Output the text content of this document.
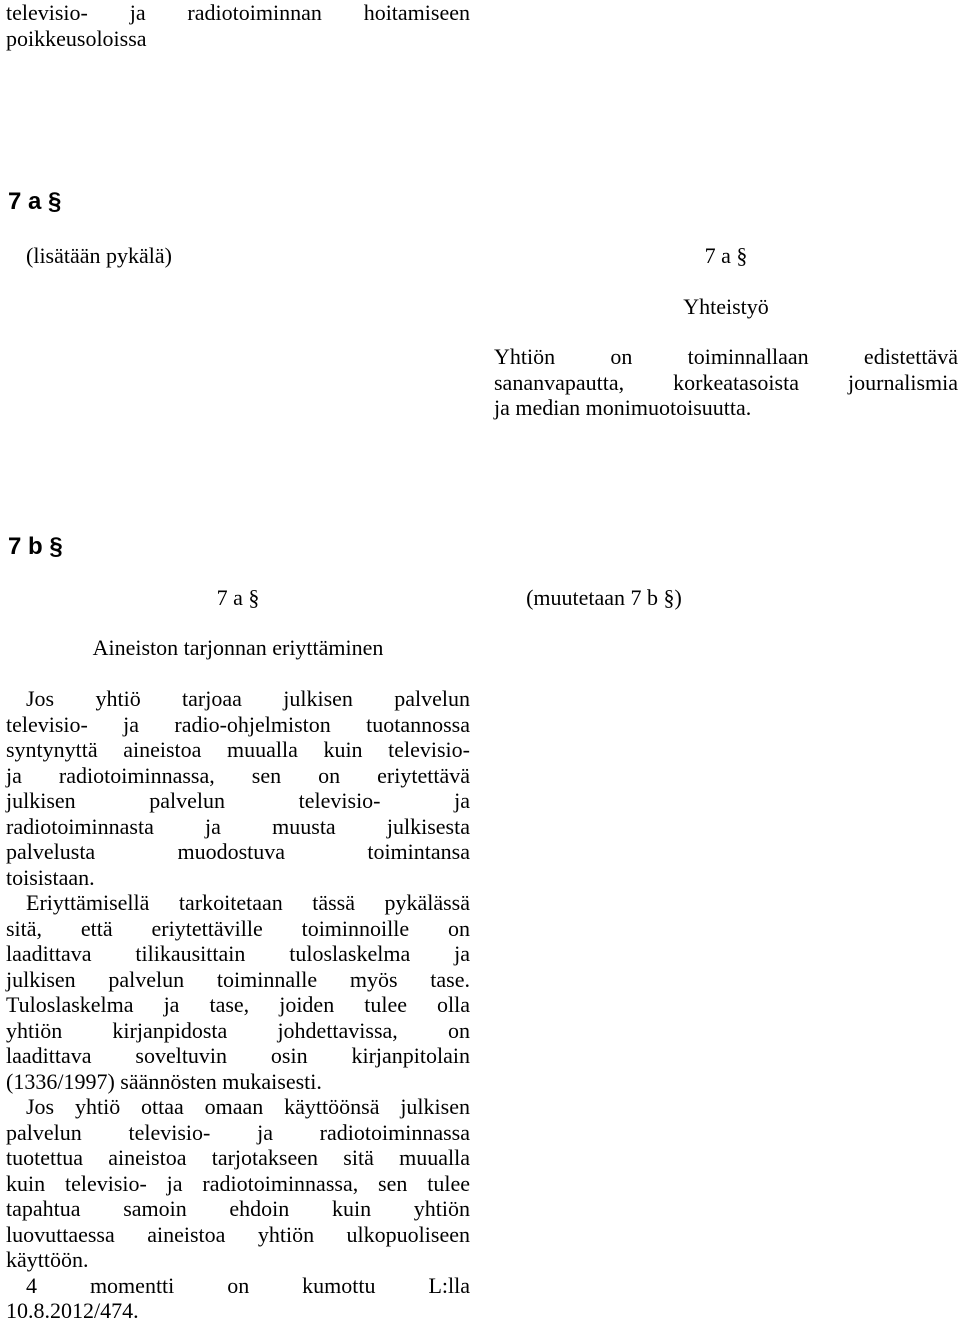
televisio- ja radiotoiminnan hoitamiseen
poikkeusoloissa
7 a §
(lisätään pykälä)	7 a §
Yhteistyö
Yhtiön on toiminnallaan edistettävä
sananvapautta, korkeatasoista journalismia
ja median monimuotoisuutta.
7 b §
7 a §	(muutetaan 7 b §)
Aineiston tarjonnan eriyttäminen
Jos yhtiö tarjoaa julkisen palvelun
televisio- ja radio-ohjelmiston tuotannossa
syntynyttä aineistoa muualla kuin televisio-
ja radiotoiminnassa, sen on eriytettävä
julkisen palvelun televisio- ja
radiotoiminnasta ja muusta julkisesta
palvelusta muodostuva toimintansa
toisistaan.
Eriyttämisellä tarkoitetaan tässä pykälässä
sitä, että eriytettäville toiminnoille on
laadittava tilikausittain tuloslaskelma ja
julkisen palvelun toiminnalle myös tase.
Tuloslaskelma ja tase, joiden tulee olla
yhtiön kirjanpidosta johdettavissa, on
laadittava soveltuvin osin kirjanpitolain
(1336/1997) säännösten mukaisesti.
Jos yhtiö ottaa omaan käyttöönsä julkisen
palvelun televisio- ja radiotoiminnassa
tuotettua aineistoa tarjotakseen sitä muualla
kuin televisio- ja radiotoiminnassa, sen tulee
tapahtua samoin ehdoin kuin yhtiön
luovuttaessa aineistoa yhtiön ulkopuoliseen
käyttöön.
4 momentti on kumottu L:lla
10.8.2012/474.
